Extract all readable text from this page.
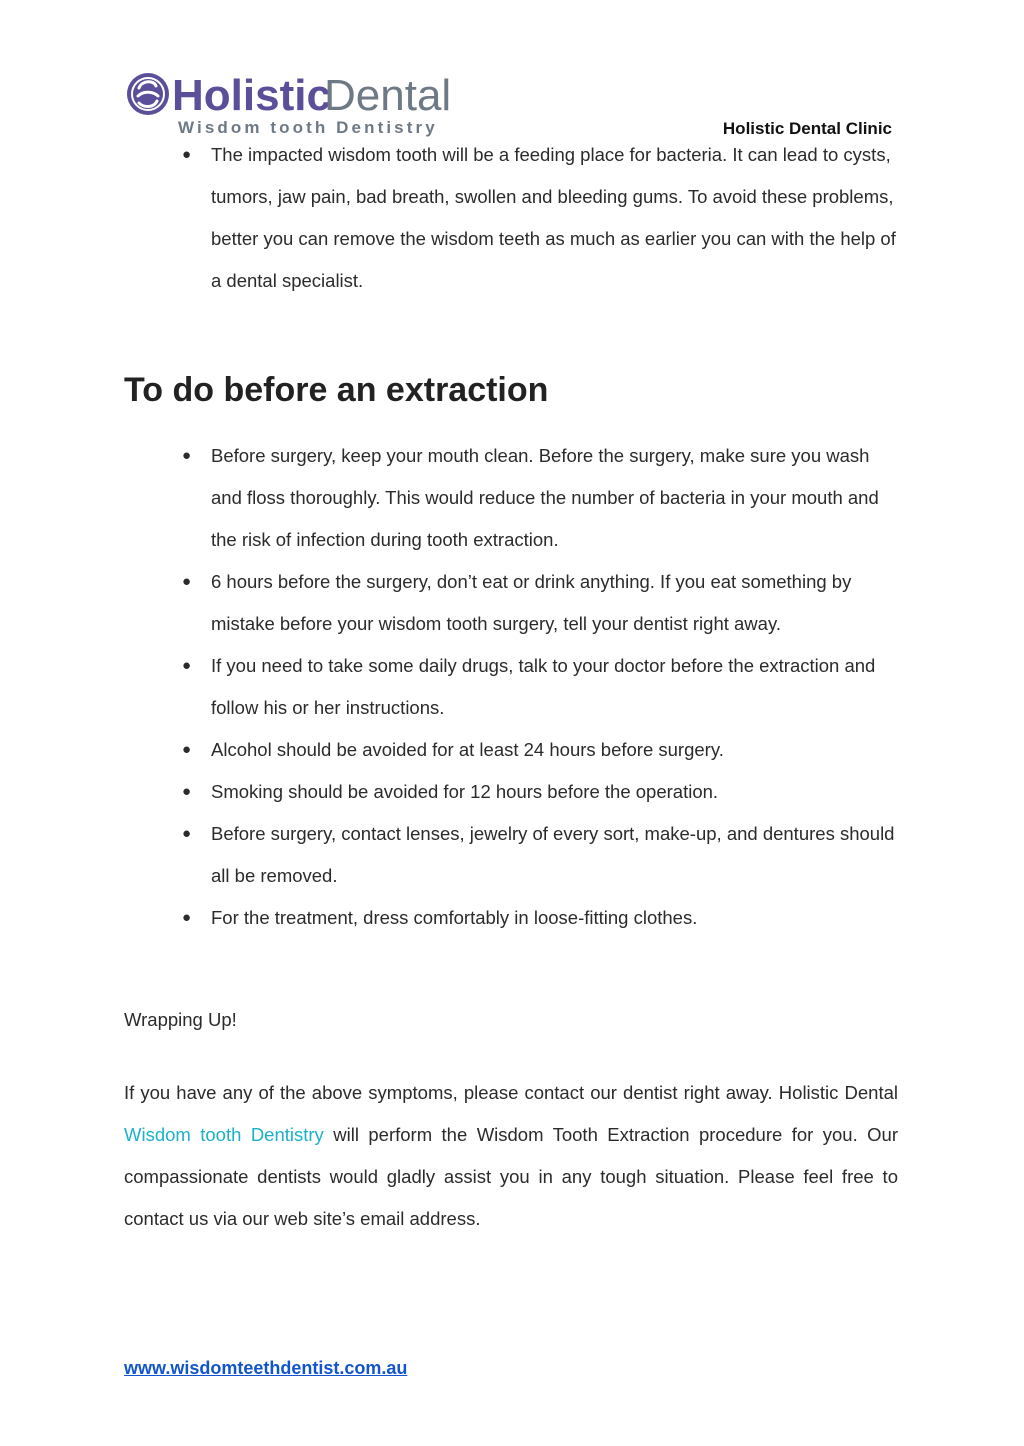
Holistic
Dental
Wisdom tooth Dentistry	Holistic Dental Clinic
● The impacted wisdom tooth will be a feeding place for bacteria. It can lead to cysts, tumors, jaw pain, bad breath, swollen and bleeding gums. To avoid these problems, better you can remove the wisdom teeth as much as earlier you can with the help of a dental specialist.
To do before an extraction
● Before surgery, keep your mouth clean. Before the surgery, make sure you wash and floss thoroughly. This would reduce the number of bacteria in your mouth and the risk of infection during tooth extraction.
● 6 hours before the surgery, don’t eat or drink anything. If you eat something by mistake before your wisdom tooth surgery, tell your dentist right away.
● If you need to take some daily drugs, talk to your doctor before the extraction and follow his or her instructions.
● Alcohol should be avoided for at least 24 hours before surgery.
● Smoking should be avoided for 12 hours before the operation.
● Before surgery, contact lenses, jewelry of every sort, make-up, and dentures should all be removed.
● For the treatment, dress comfortably in loose-fitting clothes.
Wrapping Up!

If you have any of the above symptoms, please contact our dentist right away. Holistic Dental Wisdom tooth Dentistry will perform the Wisdom Tooth Extraction procedure for you. Our compassionate dentists would gladly assist you in any tough situation. Please feel free to contact us via our web site’s email address.

www.wisdomteethdentist.com.au
